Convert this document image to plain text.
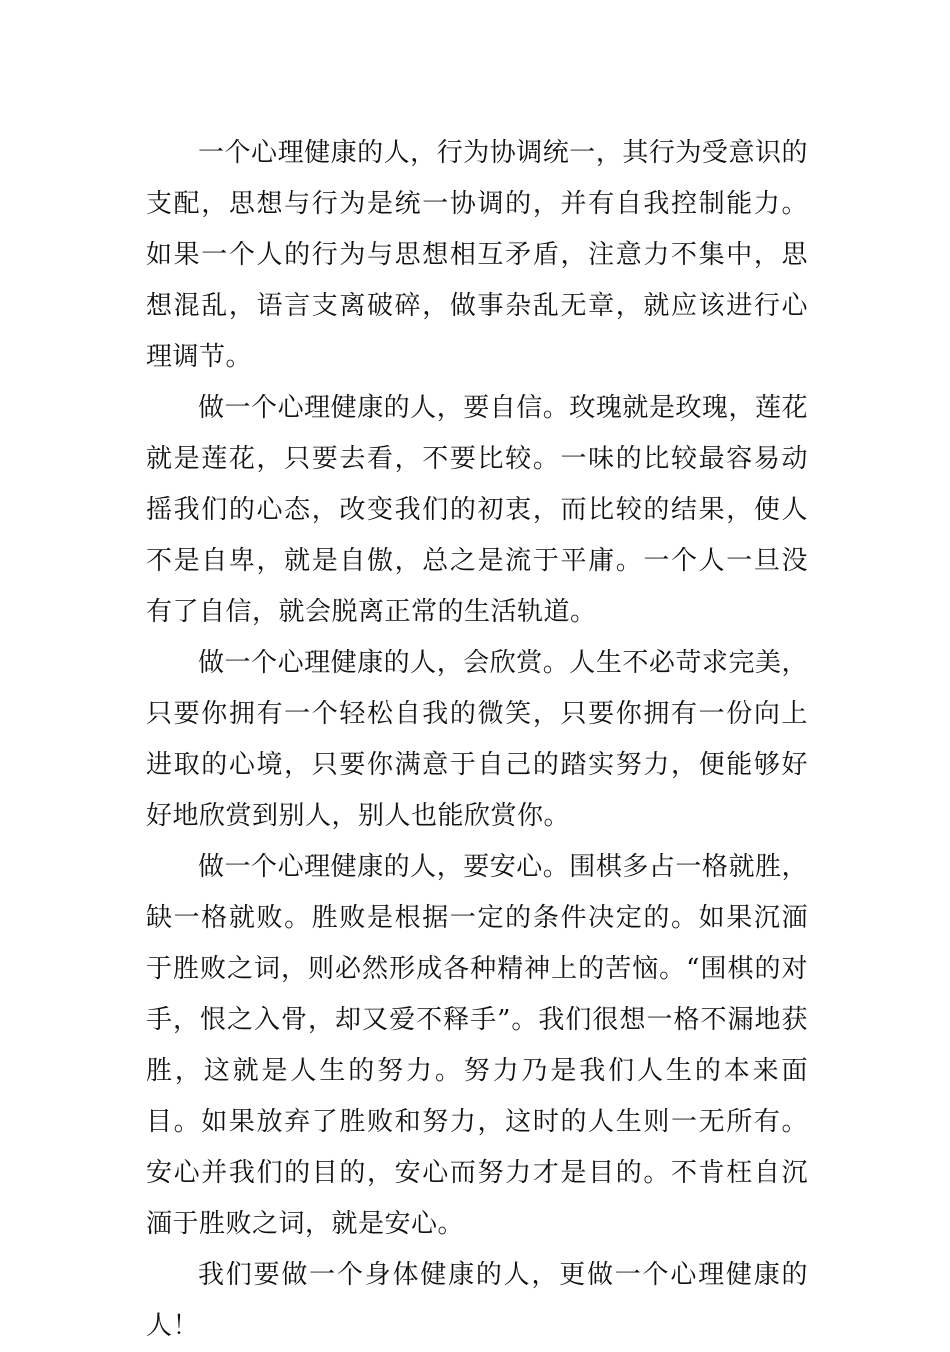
一个心理健康的人，行为协调统一，其行为受意识的支配，思想与行为是统一协调的，并有自我控制能力。如果一个人的行为与思想相互矛盾，注意力不集中，思想混乱，语言支离破碎，做事杂乱无章，就应该进行心理调节。

做一个心理健康的人，要自信。玫瑰就是玫瑰，莲花就是莲花，只要去看，不要比较。一味的比较最容易动摇我们的心态，改变我们的初衷，而比较的结果，使人不是自卑，就是自傲，总之是流于平庸。一个人一旦没有了自信，就会脱离正常的生活轨道。

做一个心理健康的人，会欣赏。人生不必苛求完美，只要你拥有一个轻松自我的微笑，只要你拥有一份向上进取的心境，只要你满意于自己的踏实努力，便能够好好地欣赏到别人，别人也能欣赏你。

做一个心理健康的人，要安心。围棋多占一格就胜，缺一格就败。胜败是根据一定的条件决定的。如果沉湎于胜败之词，则必然形成各种精神上的苦恼。“围棋的对手，恨之入骨，却又爱不释手”。我们很想一格不漏地获胜，这就是人生的努力。努力乃是我们人生的本来面目。如果放弃了胜败和努力，这时的人生则一无所有。安心并我们的目的，安心而努力才是目的。不肯枉自沉湎于胜败之词，就是安心。

我们要做一个身体健康的人，更做一个心理健康的人！
